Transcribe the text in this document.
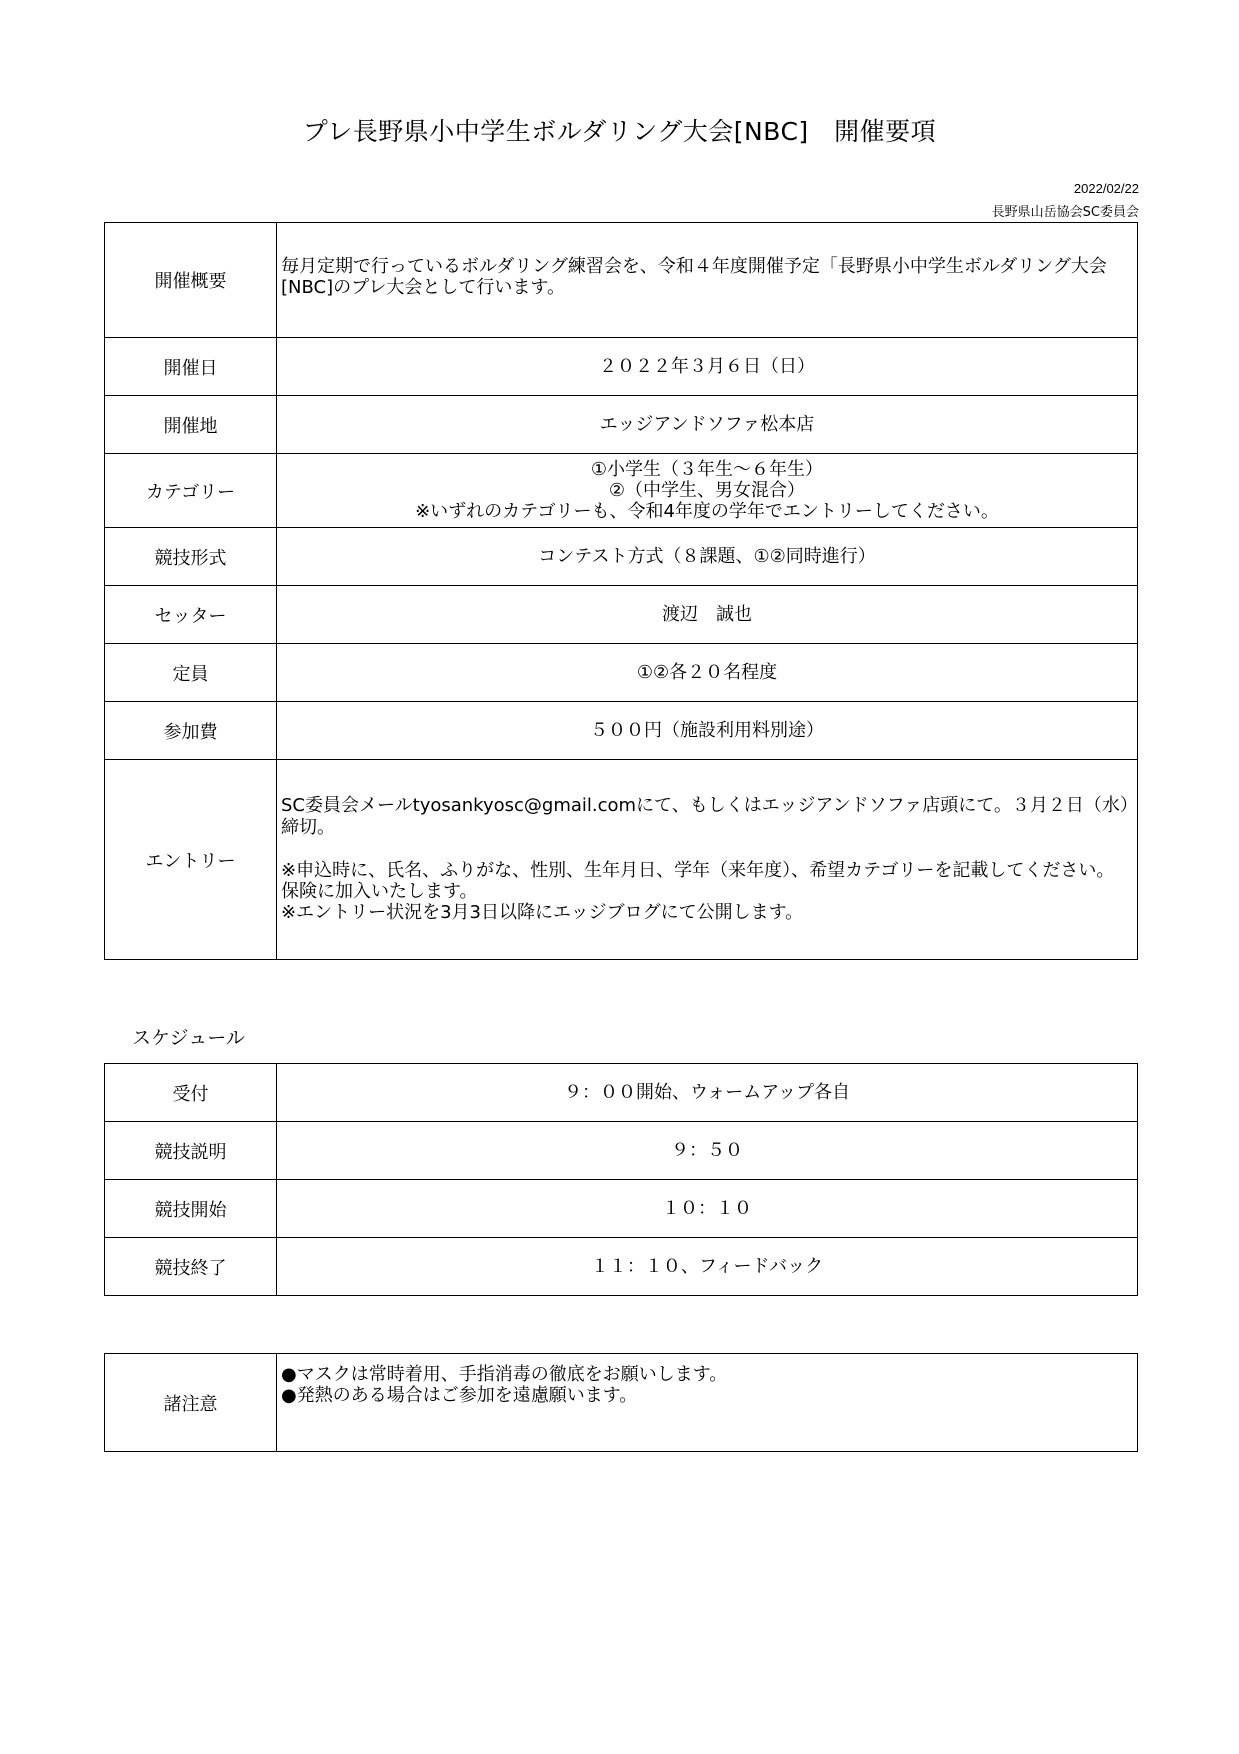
プレ長野県小中学生ボルダリング大会[NBC]　開催要項
2022/02/22
長野県山岳協会SC委員会
開催概要	毎月定期で行っているボルダリング練習会を、令和４年度開催予定「長野県小中学生ボルダリング大会[NBC]のプレ大会として行います。
開催日	２０２２年３月６日（日）
開催地	エッジアンドソファ松本店
カテゴリー	①小学生（３年生～６年生）
②（中学生、男女混合）
※いずれのカテゴリーも、令和4年度の学年でエントリーしてください。

競技形式	コンテスト方式（８課題、①②同時進行）
セッター	渡辺　誠也
定員	①②各２０名程度
参加費	５００円（施設利用料別途）
エントリー	SC委員会メールtyosankyosc@gmail.comにて、もしくはエッジアンドソファ店頭にて。３月２日（水）締切。

※申込時に、氏名、ふりがな、性別、生年月日、学年（来年度）、希望カテゴリーを記載してください。保険に加入いたします。
※エントリー状況を3月3日以降にエッジブログにて公開します。

スケジュール
受付	９：００開始、ウォームアップ各自
競技説明	９：５０
競技開始	１０：１０
競技終了	１１：１０、フィードバック
諸注意	
●マスクは常時着用、手指消毒の徹底をお願いします。
●発熱のある場合はご参加を遠慮願います。
